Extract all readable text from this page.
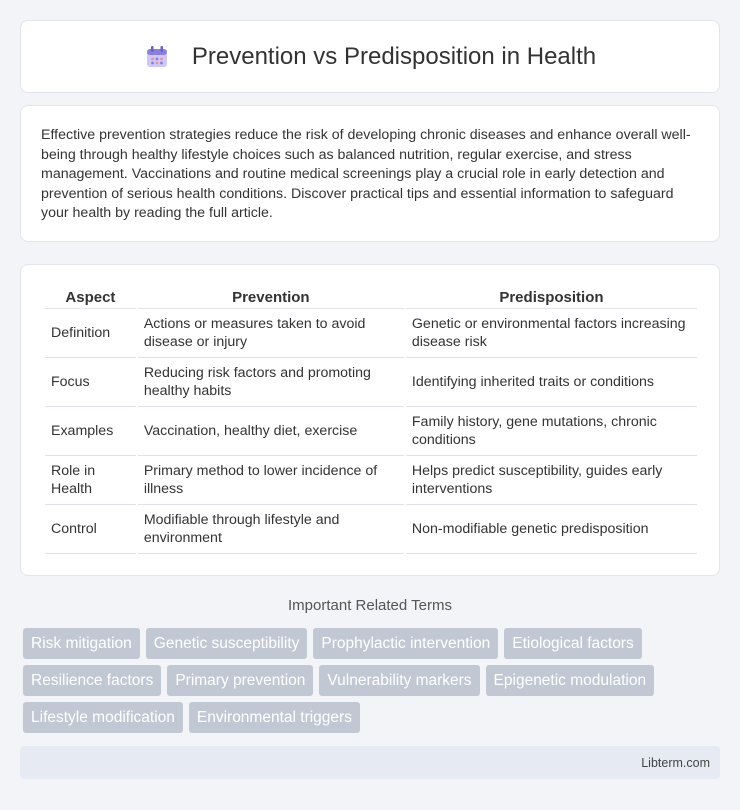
Prevention vs Predisposition in Health

Effective prevention strategies reduce the risk of developing chronic diseases and enhance overall well-being through healthy lifestyle choices such as balanced nutrition, regular exercise, and stress management. Vaccinations and routine medical screenings play a crucial role in early detection and prevention of serious health conditions. Discover practical tips and essential information to safeguard your health by reading the full article.

Aspect	Prevention	Predisposition
Definition	Actions or measures taken to avoid disease or injury	Genetic or environmental factors increasing disease risk
Focus	Reducing risk factors and promoting healthy habits	Identifying inherited traits or conditions
Examples	Vaccination, healthy diet, exercise	Family history, gene mutations, chronic conditions
Role in Health	Primary method to lower incidence of illness	Helps predict susceptibility, guides early interventions
Control	Modifiable through lifestyle and environment	Non-modifiable genetic predisposition
Important Related Terms
Risk mitigation	Genetic susceptibility	Prophylactic intervention	Etiological factors
Resilience factors	Primary prevention	Vulnerability markers	Epigenetic modulation
Lifestyle modification	Environmental triggers
Libterm.com
